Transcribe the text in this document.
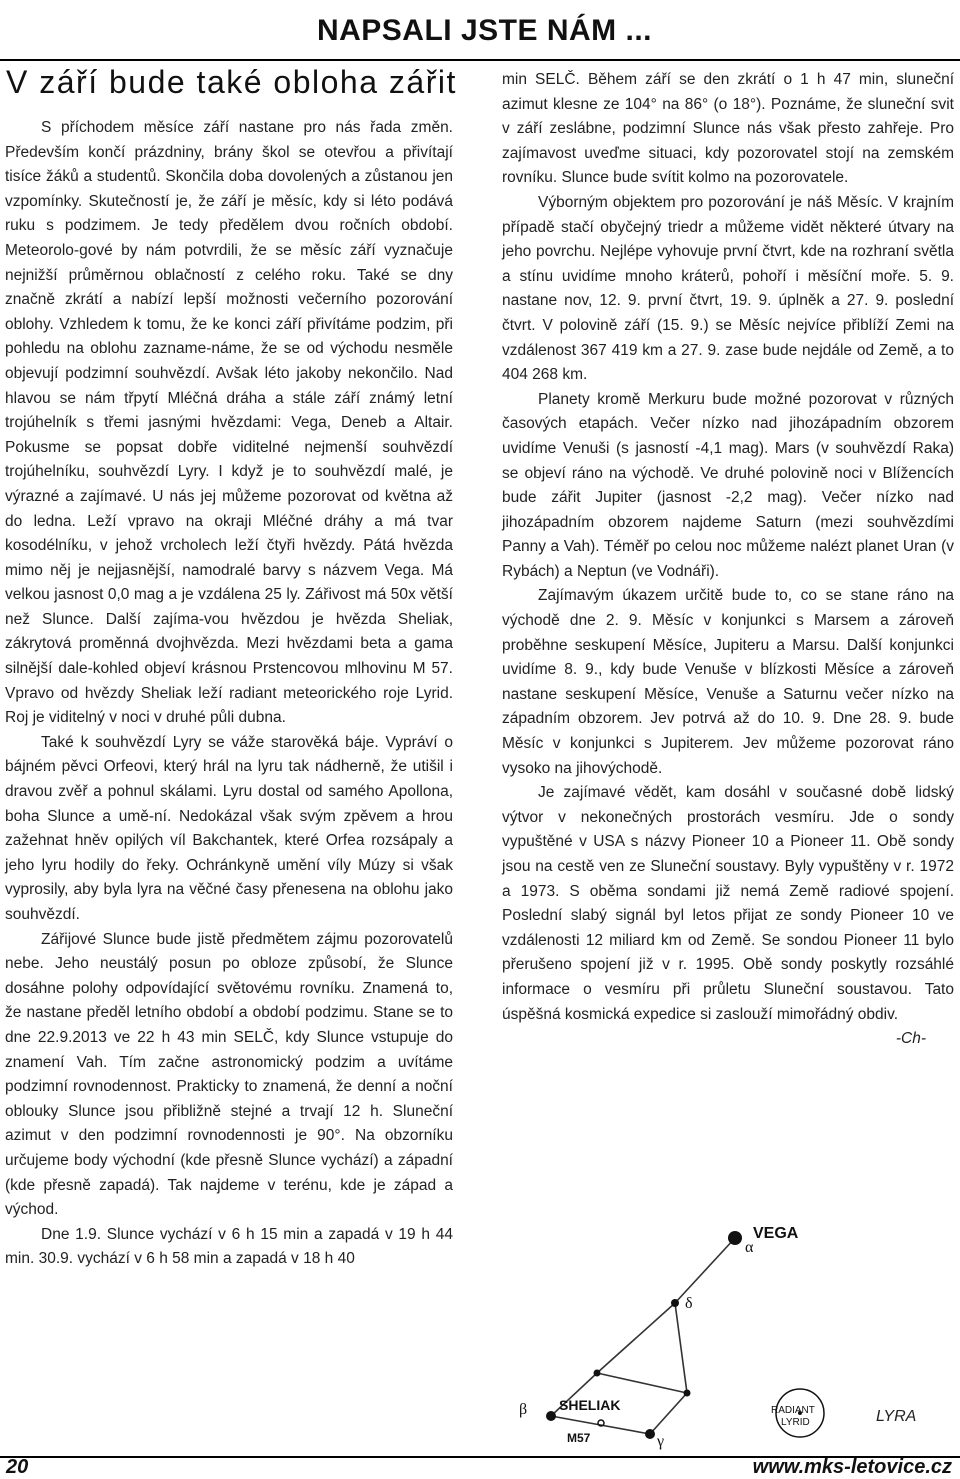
NAPSALI JSTE NÁM ...
V září bude také obloha zářit

S příchodem měsíce září nastane pro nás řada změn. Především končí prázdniny, brány škol se otevřou a přivítají tisíce žáků a studentů. Skončila doba dovolených a zůstanou jen vzpomínky. Skutečností je, že září je měsíc, kdy si léto podává ruku s podzimem. Je tedy předělem dvou ročních období. Meteorolo-gové by nám potvrdili, že se měsíc září vyznačuje nejnižší průměrnou oblačností z celého roku. Také se dny značně zkrátí a nabízí lepší možnosti večerního pozorování oblohy. Vzhledem k tomu, že ke konci září přivítáme podzim, při pohledu na oblohu zazname-náme, že se od východu nesměle objevují podzimní souhvězdí. Avšak léto jakoby nekončilo. Nad hlavou se nám třpytí Mléčná dráha a stále září známý letní trojúhelník s třemi jasnými hvězdami: Vega, Deneb a Altair. Pokusme se popsat dobře viditelné nejmenší souhvězdí trojúhelníku, souhvězdí Lyry. I když je to souhvězdí malé, je výrazné a zajímavé. U nás jej můžeme pozorovat od května až do ledna. Leží vpravo na okraji Mléčné dráhy a má tvar kosodélníku, v jehož vrcholech leží čtyři hvězdy. Pátá hvězda mimo něj je nejjasnější, namodralé barvy s názvem Vega. Má velkou jasnost 0,0 mag a je vzdálena 25 ly. Zářivost má 50x větší než Slunce. Další zajíma-vou hvězdou je hvězda Sheliak, zákrytová proměnná dvojhvězda. Mezi hvězdami beta a gama silnější dale-kohled objeví krásnou Prstencovou mlhovinu M 57. Vpravo od hvězdy Sheliak leží radiant meteorického roje Lyrid. Roj je viditelný v noci v druhé půli dubna.

Také k souhvězdí Lyry se váže starověká báje. Vypráví o bájném pěvci Orfeovi, který hrál na lyru tak nádherně, že utišil i dravou zvěř a pohnul skálami. Lyru dostal od samého Apollona, boha Slunce a umě-ní. Nedokázal však svým zpěvem a hrou zažehnat hněv opilých víl Bakchantek, které Orfea rozsápaly a jeho lyru hodily do řeky. Ochránkyně umění víly Múzy si však vyprosily, aby byla lyra na věčné časy přenesena na oblohu jako souhvězdí.

Zářijové Slunce bude jistě předmětem zájmu pozorovatelů nebe. Jeho neustálý posun po obloze způsobí, že Slunce dosáhne polohy odpovídající světovému rovníku. Znamená to, že nastane předěl letního období a období podzimu. Stane se to dne 22.9.2013 ve 22 h 43 min SELČ, kdy Slunce vstupuje do znamení Vah. Tím začne astronomický podzim a uvítáme podzimní rovnodennost. Prakticky to znamená, že denní a noční oblouky Slunce jsou přibližně stejné a trvají 12 h. Sluneční azimut v den podzimní rovnodennosti je 90°. Na obzorníku určujeme body východní (kde přesně Slunce vychází) a západní (kde přesně zapadá). Tak najdeme v terénu, kde je západ a východ.

Dne 1.9. Slunce vychází v 6 h 15 min a zapadá v 19 h 44 min. 30.9. vychází v 6 h 58 min a zapadá v 18 h 40

min SELČ. Během září se den zkrátí o 1 h 47 min, sluneční azimut klesne ze 104° na 86° (o 18°). Poznáme, že sluneční svit v září zeslábne, podzimní Slunce nás však přesto zahřeje. Pro zajímavost uveďme situaci, kdy pozorovatel stojí na zemském rovníku. Slunce bude svítit kolmo na pozorovatele.

Výborným objektem pro pozorování je náš Měsíc. V krajním případě stačí obyčejný triedr a můžeme vidět některé útvary na jeho povrchu. Nejlépe vyhovuje první čtvrt, kde na rozhraní světla a stínu uvidíme mnoho kráterů, pohoří i měsíční moře. 5. 9. nastane nov, 12. 9. první čtvrt, 19. 9. úplněk a 27. 9. poslední čtvrt. V polovině září (15. 9.) se Měsíc nejvíce přiblíží Zemi na vzdálenost 367 419 km a 27. 9. zase bude nejdále od Země, a to 404 268 km.

Planety kromě Merkuru bude možné pozorovat v různých časových etapách. Večer nízko nad jihozápadním obzorem uvidíme Venuši (s jasností -4,1 mag). Mars (v souhvězdí Raka) se objeví ráno na východě. Ve druhé polovině noci v Blížencích bude zářit Jupiter (jasnost -2,2 mag). Večer nízko nad jihozápadním obzorem najdeme Saturn (mezi souhvězdími Panny a Vah). Téměř po celou noc můžeme nalézt planet Uran (v Rybách) a Neptun (ve Vodnáři).

Zajímavým úkazem určitě bude to, co se stane ráno na východě dne 2. 9. Měsíc v konjunkci s Marsem a zároveň proběhne seskupení Měsíce, Jupiteru a Marsu. Další konjunkci uvidíme 8. 9., kdy bude Venuše v blízkosti Měsíce a zároveň nastane seskupení Měsíce, Venuše a Saturnu večer nízko na západním obzorem. Jev potrvá až do 10. 9. Dne 28. 9. bude Měsíc v konjunkci s Jupiterem. Jev můžeme pozorovat ráno vysoko na jihovýchodě.

Je zajímavé vědět, kam dosáhl v současné době lidský výtvor v nekonečných prostorách vesmíru. Jde o sondy vypuštěné v USA s názvy Pioneer 10 a Pioneer 11. Obě sondy jsou na cestě ven ze Sluneční soustavy. Byly vypuštěny v r. 1972 a 1973. S oběma sondami již nemá Země radiové spojení. Poslední slabý signál byl letos přijat ze sondy Pioneer 10 ve vzdálenosti 12 miliard km od Země. Se sondou Pioneer 11 bylo přerušeno spojení již v r. 1995. Obě sondy poskytly rozsáhlé informace o vesmíru při průletu Sluneční soustavou. Tato úspěšná kosmická expedice si zaslouží mimořádný obdiv.
-Ch-

VEGA
α
δ
β SHELIAK
M57	γ
RADIANT
LYRID	LYRA
20	www.mks-letovice.cz
